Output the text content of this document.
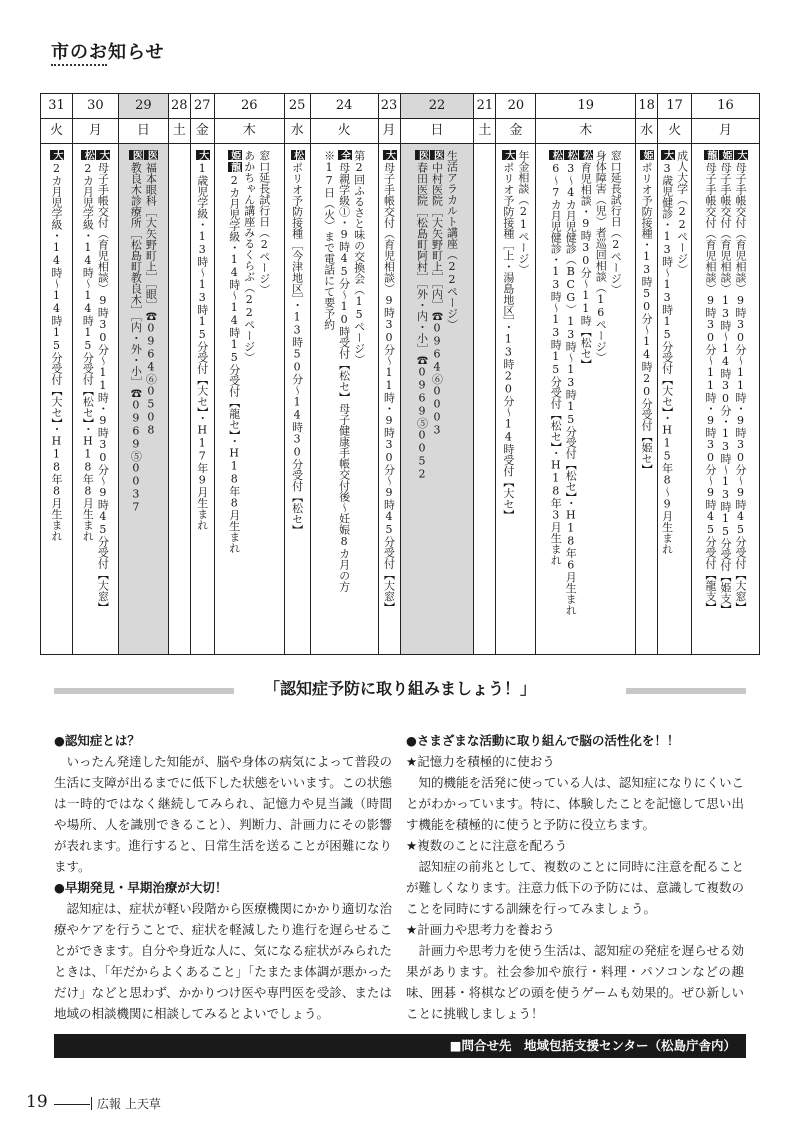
市のお知らせ
16
月
大母子手帳交付（育児相談）9時30分～11時・9時30分～9時45分受付【大窓】
姫母子手帳交付（育児相談）13時～14時30分・13時～13時15分受付【姫支】
龍母子手帳交付（育児相談）9時30分～11時・9時30分～9時45分受付【龍支】
17
火
成人大学（22ページ）
大3歳児健診・13時～13時15分受付【大セ】・H15年8～9月生まれ
18
水
姫ポリオ予防接種・13時50分～14時20分受付【姫セ】
19
木
窓口延長試行日（2ページ）
身体障害（児）者巡回相談（16ページ）
松育児相談・9時30分～11時【松セ】
松3～4カ月児健診（BCG）13時～13時15分受付【松セ】・H18年6月生まれ
松6～7カ月児健診・13時～13時15分受付【松セ】・H18年3月生まれ
20
金
年金相談（21ページ）
大ポリオ予防接種［上・湯島地区］・13時20分～14時受付【大セ】
21
土
22
日
生活アラカルト講座（22ページ）
医中村医院［大矢野町上］［内］☎0964⑥0003
医春田医院［松島町阿村］［外・内・小］☎0969⑤0052
23
月
大母子手帳交付（育児相談）9時30分～11時・9時30分～9時45分受付【大窓】
24
火
第2回ふるさと味の交換会（15ページ）
全母親学級①・9時45分～10時受付【松セ】母子健康手帳交付後～妊娠8カ月の方
※17日（火）まで電話にて要予約
25
水
松ポリオ予防接種［今津地区］・13時50分～14時30分受付【松セ】
26
木
窓口延長試行日（2ページ）
あかちゃん講座みるくらぶ（22ページ）
姫龍2カ月児学級・14時～14時15分受付【龍セ】・H18年8月生まれ
27
金
大1歳児学級・13時～13時15分受付【大セ】・H17年9月生まれ
28
土
29
日
医福本眼科［大矢野町上］［眼］☎0964⑥0508
医教良木診療所［松島町教良木］［内・外・小］☎0969⑤0037
30
月
大母子手帳交付（育児相談）9時30分～11時・9時30分～9時45分受付【大窓】
松2カ月児学級・14時～14時15分受付【松セ】・H18年8月生まれ
31
火
大2カ月児学級・14時～14時15分受付【大セ】・H18年8月生まれ
「認知症予防に取り組みましょう！」

●認知症とは？

いったん発達した知能が、脳や身体の病気によって普段の生活に支障が出るまでに低下した状態をいいます。この状態は一時的ではなく継続してみられ、記憶力や見当識（時間や場所、人を識別できること）、判断力、計画力にその影響が表れます。進行すると、日常生活を送ることが困難になります。

●早期発見・早期治療が大切！

認知症は、症状が軽い段階から医療機関にかかり適切な治療やケアを行うことで、症状を軽減したり進行を遅らせることができます。自分や身近な人に、気になる症状がみられたときは、「年だからよくあること」「たまたま体調が悪かっただけ」などと思わず、かかりつけ医や専門医を受診、または地域の相談機関に相談してみるとよいでしょう。

●さまざまな活動に取り組んで脳の活性化を！！

★記憶力を積極的に使おう

知的機能を活発に使っている人は、認知症になりにくいことがわかっています。特に、体験したことを記憶して思い出す機能を積極的に使うと予防に役立ちます。

★複数のことに注意を配ろう

認知症の前兆として、複数のことに同時に注意を配ることが難しくなります。注意力低下の予防には、意識して複数のことを同時にする訓練を行ってみましょう。

★計画力や思考力を養おう

計画力や思考力を使う生活は、認知症の発症を遅らせる効果があります。社会参加や旅行・料理・パソコンなどの趣味、囲碁・将棋などの頭を使うゲームも効果的。ぜひ新しいことに挑戦しましょう！

■問合せ先　地域包括支援センター（松島庁舎内）
19	広報 上天草
